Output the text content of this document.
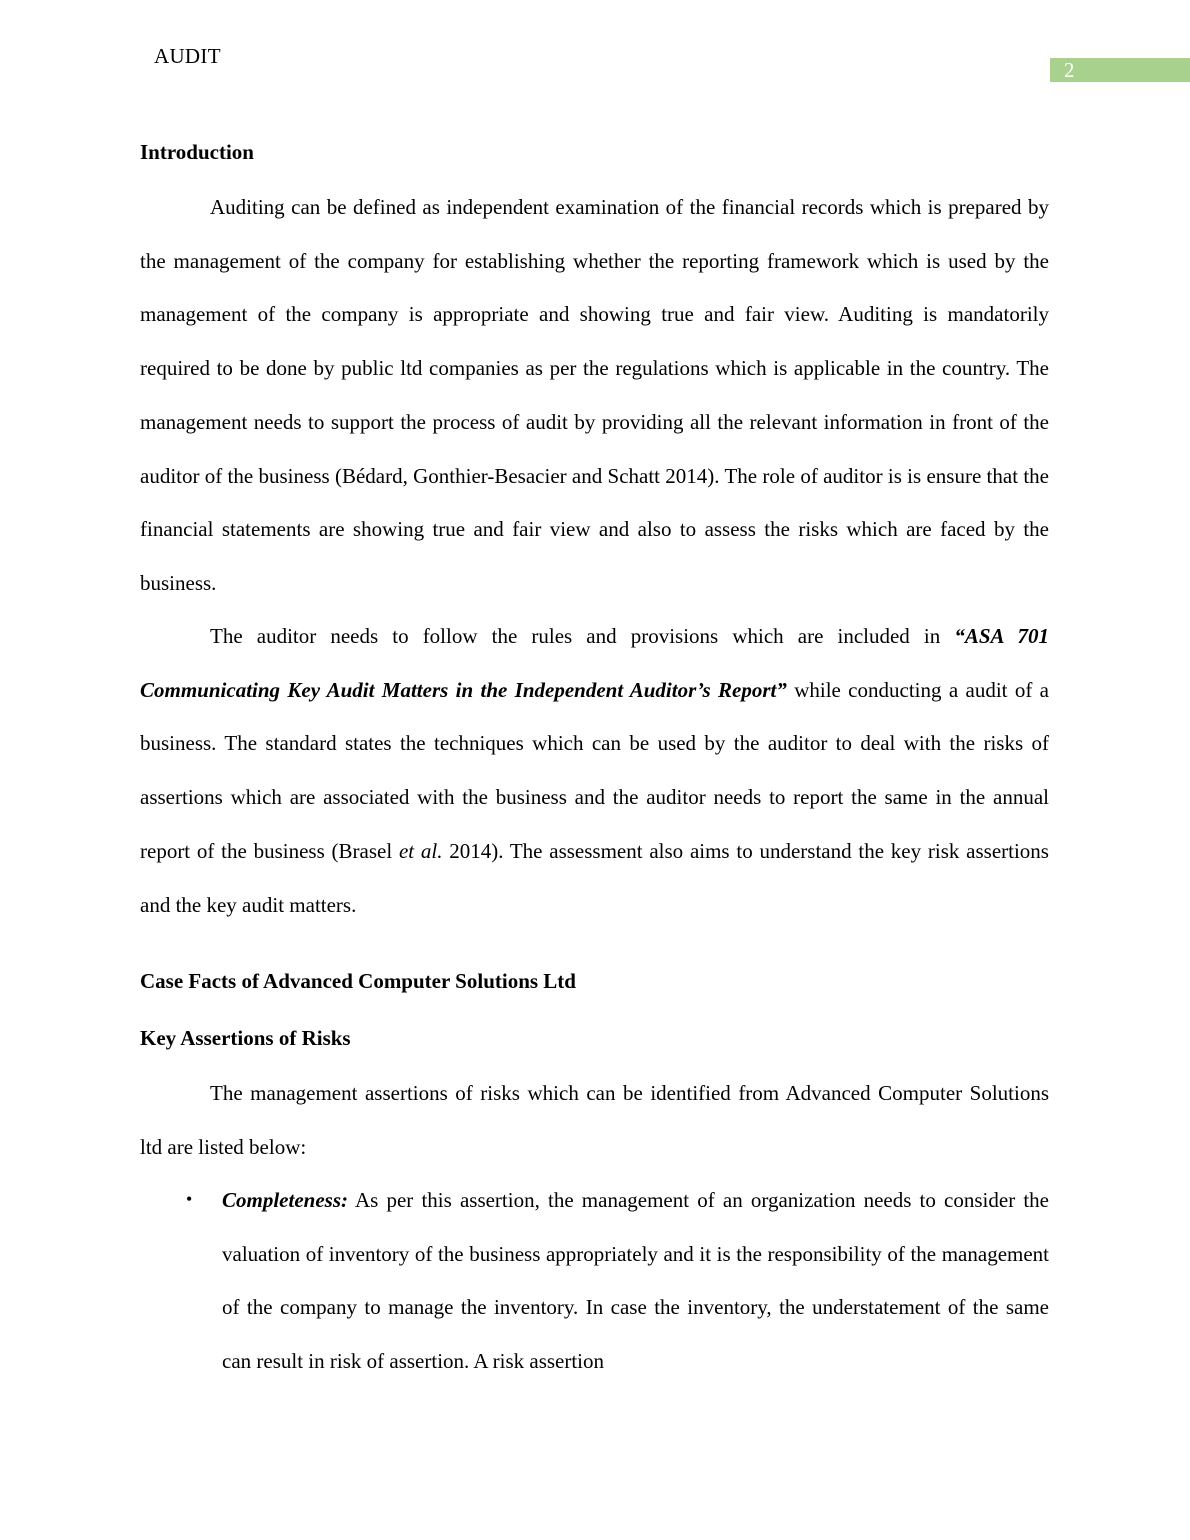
AUDIT
2
Introduction
Auditing can be defined as independent examination of the financial records which is prepared by the management of the company for establishing whether the reporting framework which is used by the management of the company is appropriate and showing true and fair view. Auditing is mandatorily required to be done by public ltd companies as per the regulations which is applicable in the country. The management needs to support the process of audit by providing all the relevant information in front of the auditor of the business (Bédard, Gonthier-Besacier and Schatt 2014). The role of auditor is is ensure that the financial statements are showing true and fair view and also to assess the risks which are faced by the business.
The auditor needs to follow the rules and provisions which are included in “ASA 701 Communicating Key Audit Matters in the Independent Auditor’s Report” while conducting a audit of a business. The standard states the techniques which can be used by the auditor to deal with the risks of assertions which are associated with the business and the auditor needs to report the same in the annual report of the business (Brasel et al. 2014). The assessment also aims to understand the key risk assertions and the key audit matters.
Case Facts of Advanced Computer Solutions Ltd
Key Assertions of Risks
The management assertions of risks which can be identified from Advanced Computer Solutions ltd are listed below:
• Completeness: As per this assertion, the management of an organization needs to consider the valuation of inventory of the business appropriately and it is the responsibility of the management of the company to manage the inventory. In case the inventory, the understatement of the same can result in risk of assertion. A risk assertion
